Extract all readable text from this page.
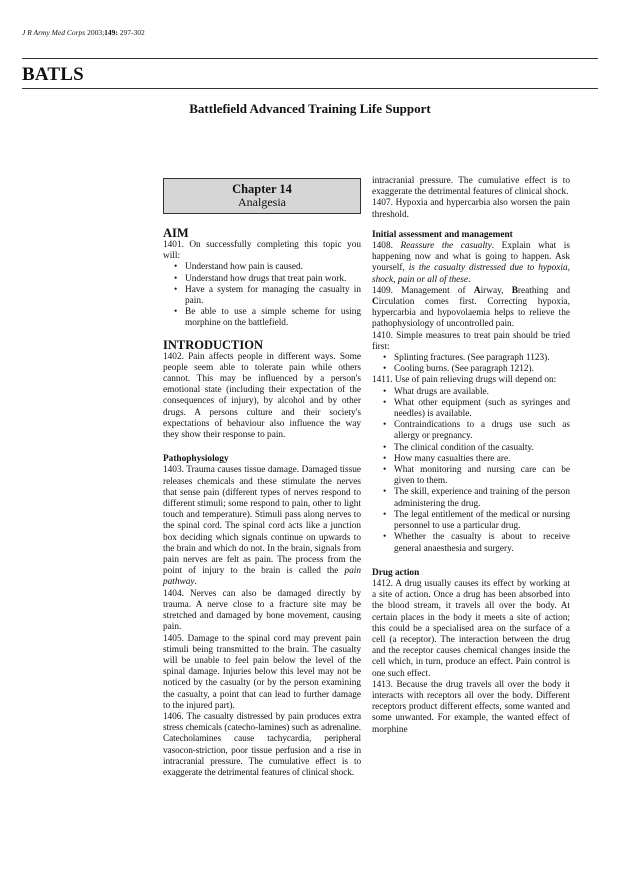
J R Army Med Corps 2003;149: 297-302
BATLS
Battlefield Advanced Training Life Support
Chapter 14
Analgesia
AIM

1401. On successfully completing this topic you will:

• Understand how pain is caused.
• Understand how drugs that treat pain work.
• Have a system for managing the casualty in pain.
• Be able to use a simple scheme for using morphine on the battlefield.
INTRODUCTION

1402. Pain affects people in different ways. Some people seem able to tolerate pain while others cannot. This may be influenced by a person's emotional state (including their expectation of the consequences of injury), by alcohol and by other drugs. A persons culture and their society's expectations of behaviour also influence the way they show their response to pain.

Pathophysiology

1403. Trauma causes tissue damage. Damaged tissue releases chemicals and these stimulate the nerves that sense pain (different types of nerves respond to different stimuli; some respond to pain, other to light touch and temperature). Stimuli pass along nerves to the spinal cord. The spinal cord acts like a junction box deciding which signals continue on upwards to the brain and which do not. In the brain, signals from pain nerves are felt as pain. The process from the point of injury to the brain is called the pain pathway.

1404. Nerves can also be damaged directly by trauma. A nerve close to a fracture site may be stretched and damaged by bone movement, causing pain.

1405. Damage to the spinal cord may prevent pain stimuli being transmitted to the brain. The casualty will be unable to feel pain below the level of the spinal damage. Injuries below this level may not be noticed by the casualty (or by the person examining the casualty, a point that can lead to further damage to the injured part).

1406. The casualty distressed by pain produces extra stress chemicals (catecho-lamines) such as adrenaline. Catecholamines cause tachycardia, peripheral vasocon-striction, poor tissue perfusion and a rise in intracranial pressure. The cumulative effect is to exaggerate the detrimental features of clinical shock.

intracranial pressure. The cumulative effect is to exaggerate the detrimental features of clinical shock.

1407. Hypoxia and hypercarbia also worsen the pain threshold.

Initial assessment and management

1408. Reassure the casualty. Explain what is happening now and what is going to happen. Ask yourself, is the casualty distressed due to hypoxia, shock, pain or all of these.

1409. Management of Airway, Breathing and Circulation comes first. Correcting hypoxia, hypercarbia and hypovolaemia helps to relieve the pathophysiology of uncontrolled pain.

1410. Simple measures to treat pain should be tried first:

• Splinting fractures. (See paragraph 1123).
• Cooling burns. (See paragraph 1212).

1411. Use of pain relieving drugs will depend on:

• What drugs are available.
• What other equipment (such as syringes and needles) is available.
• Contraindications to a drugs use such as allergy or pregnancy.
• The clinical condition of the casualty.
• How many casualties there are.
• What monitoring and nursing care can be given to them.
• The skill, experience and training of the person administering the drug.
• The legal entitlement of the medical or nursing personnel to use a particular drug.
• Whether the casualty is about to receive general anaesthesia and surgery.
Drug action

1412. A drug usually causes its effect by working at a site of action. Once a drug has been absorbed into the blood stream, it travels all over the body. At certain places in the body it meets a site of action; this could be a specialised area on the surface of a cell (a receptor). The interaction between the drug and the receptor causes chemical changes inside the cell which, in turn, produce an effect. Pain control is one such effect.

1413. Because the drug travels all over the body it interacts with receptors all over the body. Different receptors product different effects, some wanted and some unwanted. For example, the wanted effect of morphine
